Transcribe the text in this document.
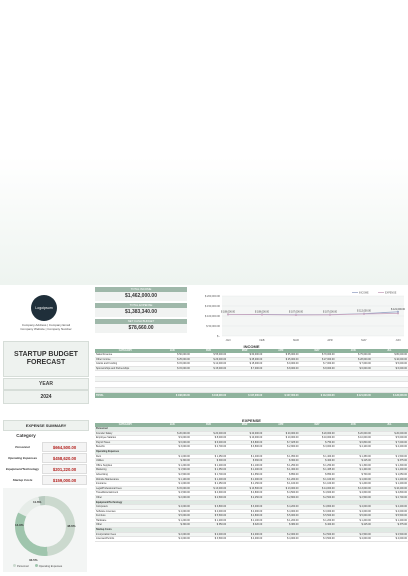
Logoipsum
Company Address | Company Email
Company Website | Company Number
STARTUP BUDGET
FORECAST
YEAR
2024
EXPENSE SUMMARY
Category
Personnel	$664,500.00
Operating Expenses	$458,620.00
Equipment/Technology	$201,220.00
Startup Costs	$159,000.00
48.6%
33.5%
14.9%
11.6%
Personnel	Operating Expenses
TOTAL INCOME
$1,462,000.00
TOTAL EXPENSE
$1,383,340.00
NET CASH BUDGET
$78,660.00
$ 200,000.00
$ 150,000.00
$ 100,000.00
$ 50,000.00
$ -
JAN	FEB	MAR	APR	MAY	JUN
INCOME	EXPENSE
$ 108,000.00	$ 108,000.00	$ 107,000.00	$ 107,000.00	$ 112,000.00
$ 121,000.00
INCOME
CATEGORY	JAN	FEB	MAR	APR	MAY	JUN	JUL
Sales Revenue	$ 50,000.00	$ 55,000.00	$ 60,000.00	$ 65,000.00	$ 70,000.00	$ 75,000.00	$ 80,000.00
Other Income	$ 25,000.00	$ 26,000.00	$ 25,000.00	$ 25,000.00	$ 27,000.00	$ 28,000.00	$ 10,000.00
Grants and Funding	$ 15,000.00	$ 12,000.00	$ 15,000.00	$ 9,000.00	$ 7,000.00	$ 7,000.00	$ 5,000.00
Sponsorships and Partnerships	$ 15,000.00	$ 15,000.00	$ 7,000.00	$ 8,000.00	$ 8,000.00	$ 6,000.00	$ 6,000.00
TOTAL	$ 108,000.00	$ 108,000.00	$ 107,000.00	$ 107,000.00	$ 112,000.00	$ 121,000.00	$ 126,000.00
EXPENSE
CATEGORY	JAN	FEB	MAR	APR	MAY	JUN	JUL
Personnel
Founder Salary	$ 20,000.00	$ 20,000.00	$ 20,000.00	$ 20,000.00	$ 20,000.00	$ 20,000.00	$ 20,000.00
Employee Salaries	$ 9,000.00	$ 8,000.00	$ 10,000.00	$ 10,000.00	$ 10,000.00	$ 10,000.00	$ 5,000.00
Payroll Taxes	$ 6,000.00	$ 6,000.00	$ 6,800.00	$ 7,025.00	$ 750.00	$ 6,800.00	$ 7,000.00
Benefits	$ 3,000.00	$ 2,700.00	$ 3,800.00	$ 2,900.00	$ 3,000.00	$ 4,100.00	$ 4,200.00
Operating Expenses
Rent	$ 1,000.00	$ 1,250.00	$ 1,400.00	$ 1,050.00	$ 1,400.00	$ 1,450.00	$ 1,500.00
Utilities	$ 300.00	$ 300.00	$ 360.00	$ 360.00	$ 400.00	$ 415.00	$ 375.00
Office Supplies	$ 1,200.00	$ 1,200.00	$ 1,100.00	$ 1,250.00	$ 1,250.00	$ 1,300.00	$ 1,300.00
Marketing	$ 1,500.00	$ 1,350.00	$ 1,400.00	$ 1,460.00	$ 1,465.00	$ 1,400.00	$ 1,400.00
Advertising	$ 2,500.00	$ 1,700.00	$ 1,650.00	$ 850.00	$ 850.00	$ 700.00	$ 1,050.00
Website Maintenance	$ 1,100.00	$ 1,400.00	$ 1,000.00	$ 1,200.00	$ 1,100.00	$ 1,000.00	$ 1,200.00
Insurance	$ 1,000.00	$ 1,250.00	$ 1,150.00	$ 1,100.00	$ 1,100.00	$ 1,200.00	$ 1,200.00
Legal/Professional Fees	$ 15,000.00	$ 13,000.00	$ 13,500.00	$ 13,000.00	$ 14,000.00	$ 13,000.00	$ 16,200.00
Travel/Entertainment	$ 4,500.00	$ 4,600.00	$ 4,800.00	$ 4,500.00	$ 4,600.00	$ 4,600.00	$ 4,800.00
Other	$ 2,000.00	$ 2,500.00	$ 2,250.00	$ 2,800.00	$ 2,500.00	$ 2,500.00	$ 2,700.00
Equipment/Technology
Computers	$ 4,000.00	$ 3,800.00	$ 3,000.00	$ 4,200.00	$ 4,800.00	$ 4,000.00	$ 4,200.00
Software Licenses	$ 4,000.00	$ 4,000.00	$ 4,000.00	$ 4,000.00	$ 3,000.00	$ 4,000.00	$ 4,000.00
Furniture	$ 5,000.00	$ 5,500.00	$ 4,800.00	$ 5,000.00	$ 5,500.00	$ 5,000.00	$ 5,500.00
Hardware	$ 1,200.00	$ 1,200.00	$ 1,100.00	$ 1,200.00	$ 1,200.00	$ 1,200.00	$ 1,200.00
Other	$ 300.00	$ 350.00	$ 320.00	$ 380.00	$ 400.00	$ 415.00	$ 375.00
Startup Costs
Incorporation Fees	$ 2,000.00	$ 2,000.00	$ 2,000.00	$ 2,000.00	$ 2,500.00	$ 2,500.00	$ 2,500.00
Licenses/Permits	$ 4,000.00	$ 3,500.00	$ 4,000.00	$ 4,000.00	$ 3,500.00	$ 4,000.00	$ 4,000.00
